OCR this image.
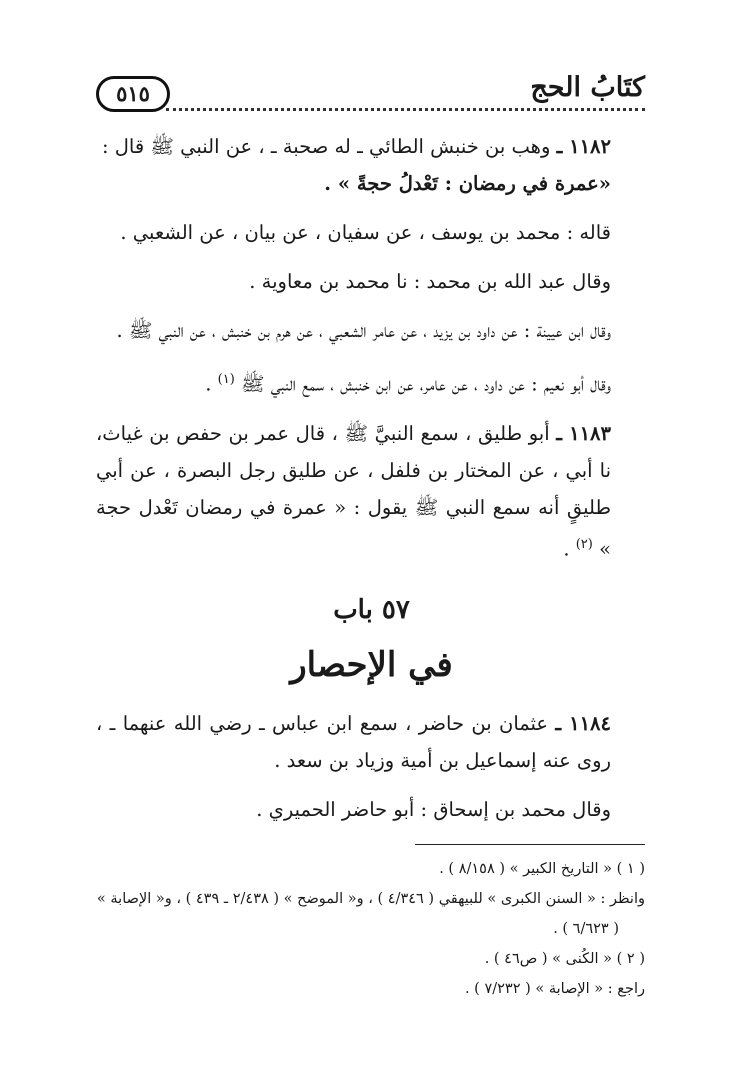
كتَابُ الحج
٥١٥

١١٨٢ ـ وهب بن خنبش الطائي ـ له صحبة ـ ، عن النبي ﷺ قال :
«عمرة في رمضان : تَعْدلُ حجةً » .

قاله : محمد بن يوسف ، عن سفيان ، عن بيان ، عن الشعبي .

وقال عبد الله بن محمد : نا محمد بن معاوية .

وقال ابن عيينة : عن داود بن يزيد ، عن عامر الشعبي ، عن هرم بن خنبش ، عن النبي ﷺ .

وقال أبو نعيم : عن داود ، عن عامر، عن ابن خنبش ، سمع النبي ﷺ $^{(١)}$ .

١١٨٣ ـ أبو طليق ، سمع النبيَّ ﷺ ، قال عمر بن حفص بن غياث، نا أبي ، عن المختار بن فلفل ، عن طليق رجل البصرة ، عن أبي طليقٍ أنه سمع النبي ﷺ يقول : « عمرة في رمضان تَعْدل حجة » $^{(٢)}$ .

٥٧ باب
في الإحصار

١١٨٤ ـ عثمان بن حاضر ، سمع ابن عباس ـ رضي الله عنهما ـ ، روى عنه إسماعيل بن أمية وزياد بن سعد .

وقال محمد بن إسحاق : أبو حاضر الحميري .

( ١ ) « التاريخ الكبير » ( ٨/١٥٨ ) .

وانظر : « السنن الكبرى » للبيهقي ( ٤/٣٤٦ ) ، و« الموضح » ( ٢/٤٣٨ ـ ٤٣٩ ) ، و« الإصابة »

( ٦/٦٢٣ ) .

( ٢ ) « الكُنى » ( ص٤٦ ) .

راجع : « الإصابة » ( ٧/٢٣٢ ) .
